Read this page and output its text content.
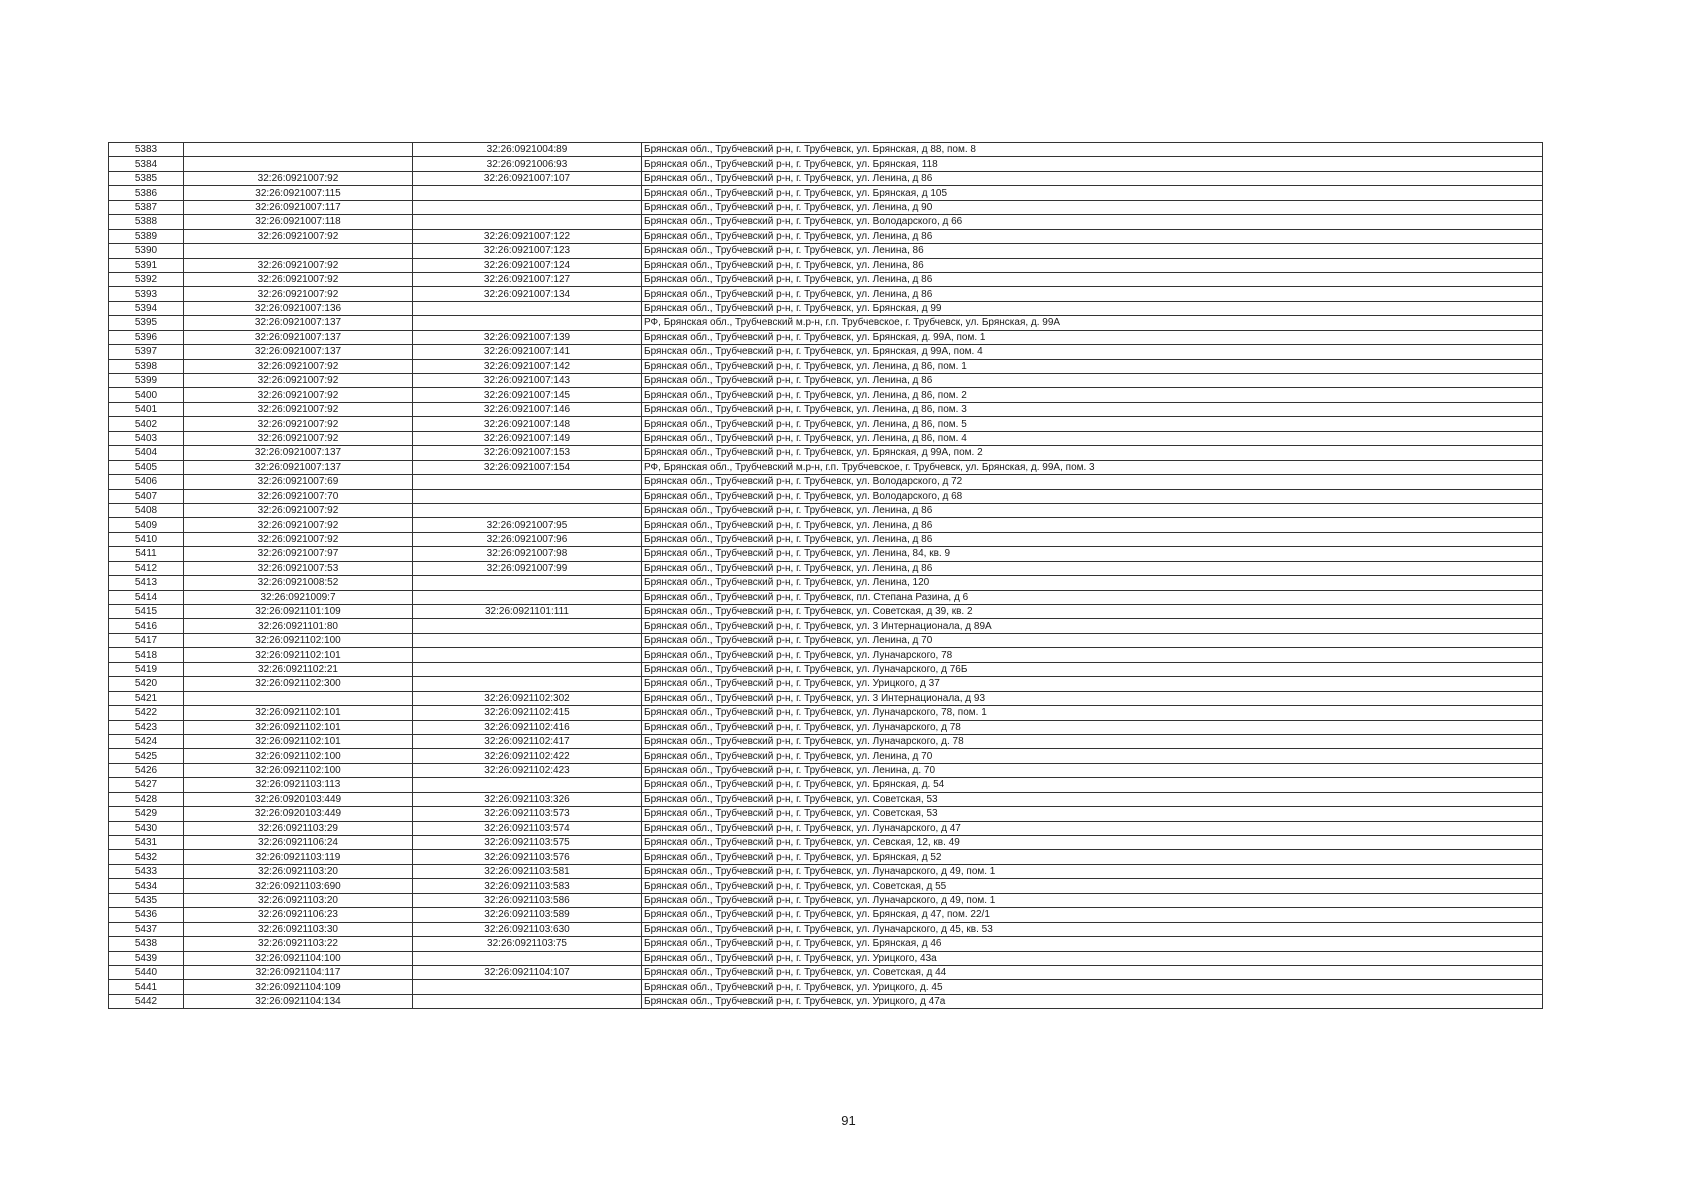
5383		32:26:0921004:89	Брянская обл., Трубчевский р-н, г. Трубчевск, ул. Брянская, д 88, пом. 8
5384		32:26:0921006:93	Брянская обл., Трубчевский р-н, г. Трубчевск, ул. Брянская, 118
5385	32:26:0921007:92	32:26:0921007:107	Брянская обл., Трубчевский р-н, г. Трубчевск, ул. Ленина, д 86
5386	32:26:0921007:115		Брянская обл., Трубчевский р-н, г. Трубчевск, ул. Брянская, д 105
5387	32:26:0921007:117		Брянская обл., Трубчевский р-н, г. Трубчевск, ул. Ленина, д 90
5388	32:26:0921007:118		Брянская обл., Трубчевский р-н, г. Трубчевск, ул. Володарского, д 66
5389	32:26:0921007:92	32:26:0921007:122	Брянская обл., Трубчевский р-н, г. Трубчевск, ул. Ленина, д 86
5390		32:26:0921007:123	Брянская обл., Трубчевский р-н, г. Трубчевск, ул. Ленина, 86
5391	32:26:0921007:92	32:26:0921007:124	Брянская обл., Трубчевский р-н, г. Трубчевск, ул. Ленина, 86
5392	32:26:0921007:92	32:26:0921007:127	Брянская обл., Трубчевский р-н, г. Трубчевск, ул. Ленина, д 86
5393	32:26:0921007:92	32:26:0921007:134	Брянская обл., Трубчевский р-н, г. Трубчевск, ул. Ленина, д 86
5394	32:26:0921007:136		Брянская обл., Трубчевский р-н, г. Трубчевск, ул. Брянская, д 99
5395	32:26:0921007:137		РФ, Брянская обл., Трубчевский м.р-н, г.п. Трубчевское, г. Трубчевск, ул. Брянская, д. 99А
5396	32:26:0921007:137	32:26:0921007:139	Брянская обл., Трубчевский р-н, г. Трубчевск, ул. Брянская, д. 99А, пом. 1
5397	32:26:0921007:137	32:26:0921007:141	Брянская обл., Трубчевский р-н, г. Трубчевск, ул. Брянская, д 99А, пом. 4
5398	32:26:0921007:92	32:26:0921007:142	Брянская обл., Трубчевский р-н, г. Трубчевск, ул. Ленина, д 86, пом. 1
5399	32:26:0921007:92	32:26:0921007:143	Брянская обл., Трубчевский р-н, г. Трубчевск, ул. Ленина, д 86
5400	32:26:0921007:92	32:26:0921007:145	Брянская обл., Трубчевский р-н, г. Трубчевск, ул. Ленина, д 86, пом. 2
5401	32:26:0921007:92	32:26:0921007:146	Брянская обл., Трубчевский р-н, г. Трубчевск, ул. Ленина, д 86, пом. 3
5402	32:26:0921007:92	32:26:0921007:148	Брянская обл., Трубчевский р-н, г. Трубчевск, ул. Ленина, д 86, пом. 5
5403	32:26:0921007:92	32:26:0921007:149	Брянская обл., Трубчевский р-н, г. Трубчевск, ул. Ленина, д 86, пом. 4
5404	32:26:0921007:137	32:26:0921007:153	Брянская обл., Трубчевский р-н, г. Трубчевск, ул. Брянская, д 99А, пом. 2
5405	32:26:0921007:137	32:26:0921007:154	РФ, Брянская обл., Трубчевский м.р-н, г.п. Трубчевское, г. Трубчевск, ул. Брянская, д. 99А, пом. 3
5406	32:26:0921007:69		Брянская обл., Трубчевский р-н, г. Трубчевск, ул. Володарского, д 72
5407	32:26:0921007:70		Брянская обл., Трубчевский р-н, г. Трубчевск, ул. Володарского, д 68
5408	32:26:0921007:92		Брянская обл., Трубчевский р-н, г. Трубчевск, ул. Ленина, д 86
5409	32:26:0921007:92	32:26:0921007:95	Брянская обл., Трубчевский р-н, г. Трубчевск, ул. Ленина, д 86
5410	32:26:0921007:92	32:26:0921007:96	Брянская обл., Трубчевский р-н, г. Трубчевск, ул. Ленина, д 86
5411	32:26:0921007:97	32:26:0921007:98	Брянская обл., Трубчевский р-н, г. Трубчевск, ул. Ленина, 84, кв. 9
5412	32:26:0921007:53	32:26:0921007:99	Брянская обл., Трубчевский р-н, г. Трубчевск, ул. Ленина, д 86
5413	32:26:0921008:52		Брянская обл., Трубчевский р-н, г. Трубчевск, ул. Ленина, 120
5414	32:26:0921009:7		Брянская обл., Трубчевский р-н, г. Трубчевск, пл. Степана Разина, д 6
5415	32:26:0921101:109	32:26:0921101:111	Брянская обл., Трубчевский р-н, г. Трубчевск, ул. Советская, д 39, кв. 2
5416	32:26:0921101:80		Брянская обл., Трубчевский р-н, г. Трубчевск, ул. 3 Интернационала, д 89А
5417	32:26:0921102:100		Брянская обл., Трубчевский р-н, г. Трубчевск, ул. Ленина, д 70
5418	32:26:0921102:101		Брянская обл., Трубчевский р-н, г. Трубчевск, ул. Луначарского, 78
5419	32:26:0921102:21		Брянская обл., Трубчевский р-н, г. Трубчевск, ул. Луначарского, д 76Б
5420	32:26:0921102:300		Брянская обл., Трубчевский р-н, г. Трубчевск, ул. Урицкого, д 37
5421		32:26:0921102:302	Брянская обл., Трубчевский р-н, г. Трубчевск, ул. 3 Интернационала, д 93
5422	32:26:0921102:101	32:26:0921102:415	Брянская обл., Трубчевский р-н, г. Трубчевск, ул. Луначарского, 78, пом. 1
5423	32:26:0921102:101	32:26:0921102:416	Брянская обл., Трубчевский р-н, г. Трубчевск, ул. Луначарского, д 78
5424	32:26:0921102:101	32:26:0921102:417	Брянская обл., Трубчевский р-н, г. Трубчевск, ул. Луначарского, д. 78
5425	32:26:0921102:100	32:26:0921102:422	Брянская обл., Трубчевский р-н, г. Трубчевск, ул. Ленина, д 70
5426	32:26:0921102:100	32:26:0921102:423	Брянская обл., Трубчевский р-н, г. Трубчевск, ул. Ленина, д. 70
5427	32:26:0921103:113		Брянская обл., Трубчевский р-н, г. Трубчевск, ул. Брянская, д. 54
5428	32:26:0920103:449	32:26:0921103:326	Брянская обл., Трубчевский р-н, г. Трубчевск, ул. Советская, 53
5429	32:26:0920103:449	32:26:0921103:573	Брянская обл., Трубчевский р-н, г. Трубчевск, ул. Советская, 53
5430	32:26:0921103:29	32:26:0921103:574	Брянская обл., Трубчевский р-н, г. Трубчевск, ул. Луначарского, д 47
5431	32:26:0921106:24	32:26:0921103:575	Брянская обл., Трубчевский р-н, г. Трубчевск, ул. Севская, 12, кв. 49
5432	32:26:0921103:119	32:26:0921103:576	Брянская обл., Трубчевский р-н, г. Трубчевск, ул. Брянская, д 52
5433	32:26:0921103:20	32:26:0921103:581	Брянская обл., Трубчевский р-н, г. Трубчевск, ул. Луначарского, д 49, пом. 1
5434	32:26:0921103:690	32:26:0921103:583	Брянская обл., Трубчевский р-н, г. Трубчевск, ул. Советская, д 55
5435	32:26:0921103:20	32:26:0921103:586	Брянская обл., Трубчевский р-н, г. Трубчевск, ул. Луначарского, д 49, пом. 1
5436	32:26:0921106:23	32:26:0921103:589	Брянская обл., Трубчевский р-н, г. Трубчевск, ул. Брянская, д 47, пом. 22/1
5437	32:26:0921103:30	32:26:0921103:630	Брянская обл., Трубчевский р-н, г. Трубчевск, ул. Луначарского, д 45, кв. 53
5438	32:26:0921103:22	32:26:0921103:75	Брянская обл., Трубчевский р-н, г. Трубчевск, ул. Брянская, д 46
5439	32:26:0921104:100		Брянская обл., Трубчевский р-н, г. Трубчевск, ул. Урицкого, 43а
5440	32:26:0921104:117	32:26:0921104:107	Брянская обл., Трубчевский р-н, г. Трубчевск, ул. Советская, д 44
5441	32:26:0921104:109		Брянская обл., Трубчевский р-н, г. Трубчевск, ул. Урицкого, д. 45
5442	32:26:0921104:134		Брянская обл., Трубчевский р-н, г. Трубчевск, ул. Урицкого, д 47а
91
